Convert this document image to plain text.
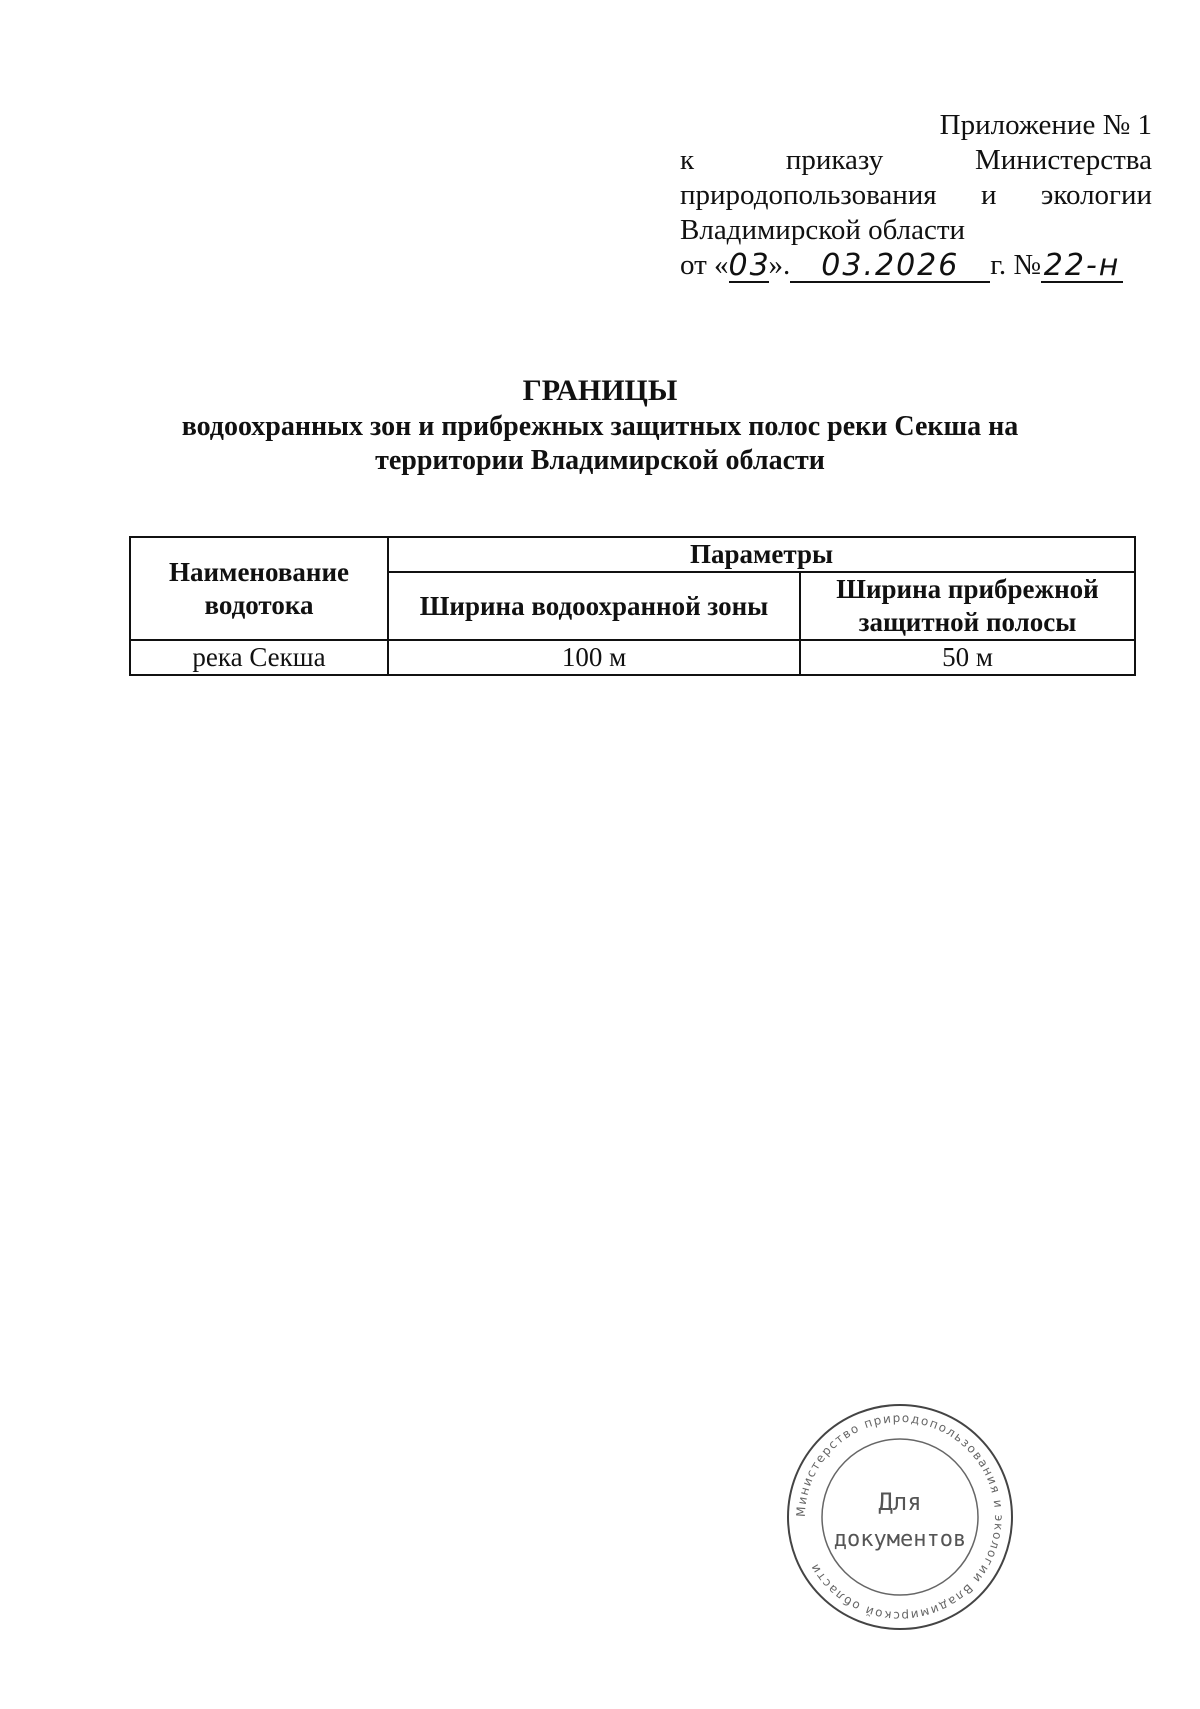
Приложение № 1
к	приказу	Министерства
природопользования и экологии
Владимирской области
от « 03
».	03.2026	г. № 22-н
ГРАНИЦЫ
водоохранных зон и прибрежных защитных полос реки Секша на
территории Владимирской области
Наименование
водотока	Параметры	
	Ширина водоохранной зоны	Ширина прибрежной
защитной полосы
река Секша	100 м	50 м
Министерство природопользования и экологии Владимирской области
Для
документов
